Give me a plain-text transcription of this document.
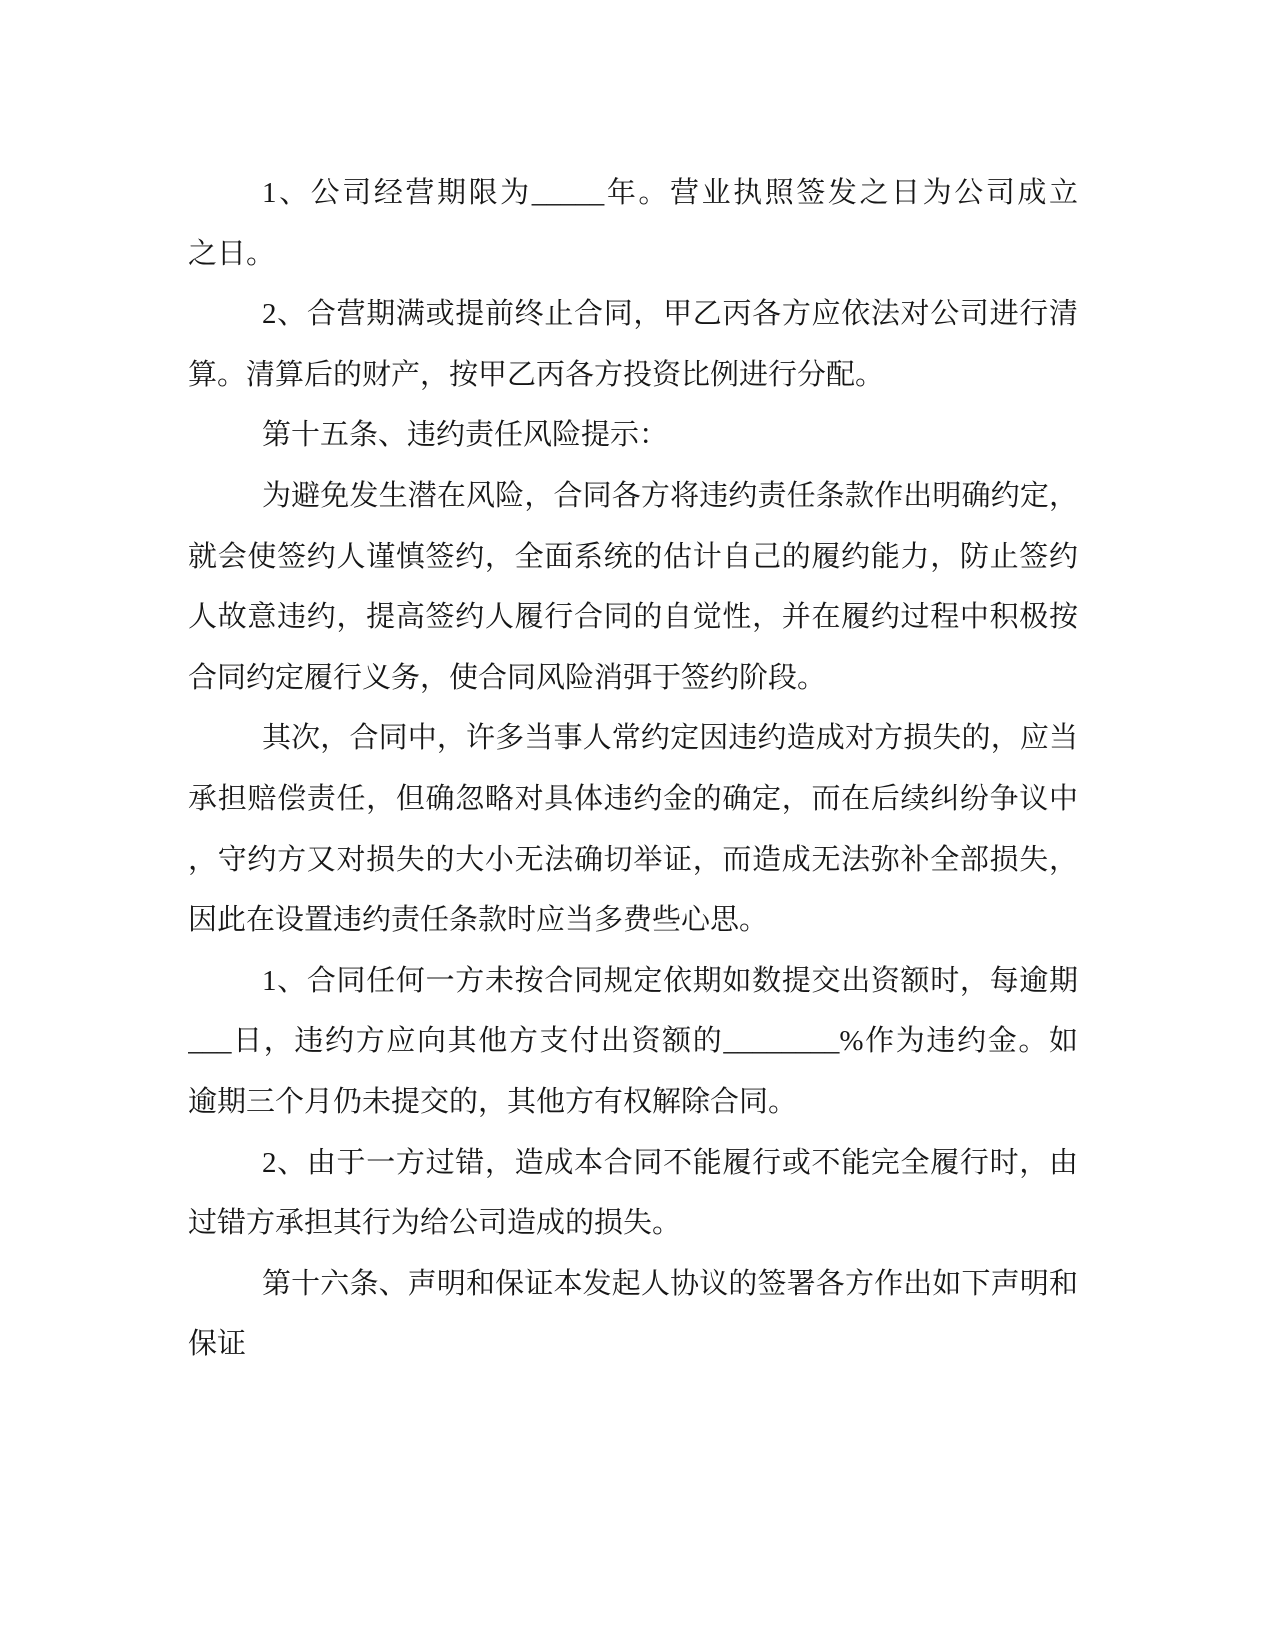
1、公司经营期限为_____年。营业执照签发之日为公司成立
之日。
2、合营期满或提前终止合同，甲乙丙各方应依法对公司进行清
算。清算后的财产，按甲乙丙各方投资比例进行分配。
第十五条、违约责任风险提示：
为避免发生潜在风险，合同各方将违约责任条款作出明确约定，
就会使签约人谨慎签约，全面系统的估计自己的履约能力，防止签约
人故意违约，提高签约人履行合同的自觉性，并在履约过程中积极按
合同约定履行义务，使合同风险消弭于签约阶段。
其次，合同中，许多当事人常约定因违约造成对方损失的，应当
承担赔偿责任，但确忽略对具体违约金的确定，而在后续纠纷争议中
，守约方又对损失的大小无法确切举证，而造成无法弥补全部损失，
因此在设置违约责任条款时应当多费些心思。
1、合同任何一方未按合同规定依期如数提交出资额时，每逾期
___日，违约方应向其他方支付出资额的________%作为违约金。如
逾期三个月仍未提交的，其他方有权解除合同。
2、由于一方过错，造成本合同不能履行或不能完全履行时，由
过错方承担其行为给公司造成的损失。
第十六条、声明和保证本发起人协议的签署各方作出如下声明和
保证
